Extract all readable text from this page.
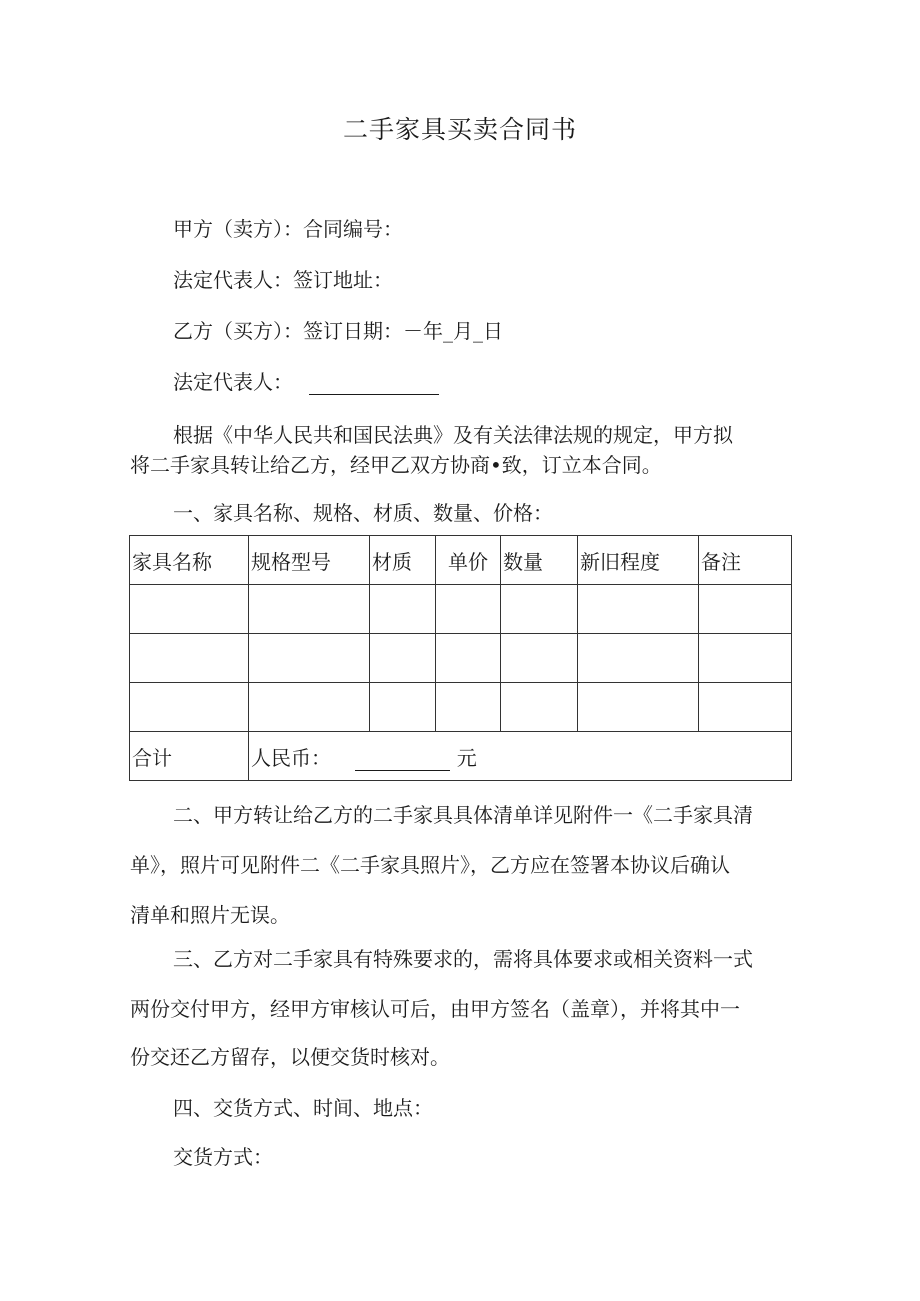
二手家具买卖合同书
甲方（卖方）：合同编号：
法定代表人：签订地址：
乙方（买方）：签订日期：－年_月_日
法定代表人：
根据《中华人民共和国民法典》及有关法律法规的规定，甲方拟
将二手家具转让给乙方，经甲乙双方协商•致，订立本合同。
一、家具名称、规格、材质、数量、价格：
家具名称	规格型号	材质	单价	数量	新旧程度	备注

合计	人民币： 元					
二、甲方转让给乙方的二手家具具体清单详见附件一《二手家具清
单》，照片可见附件二《二手家具照片》，乙方应在签署本协议后确认
清单和照片无误。
三、乙方对二手家具有特殊要求的，需将具体要求或相关资料一式
两份交付甲方，经甲方审核认可后，由甲方签名（盖章），并将其中一
份交还乙方留存，以便交货时核对。
四、交货方式、时间、地点：
交货方式：
